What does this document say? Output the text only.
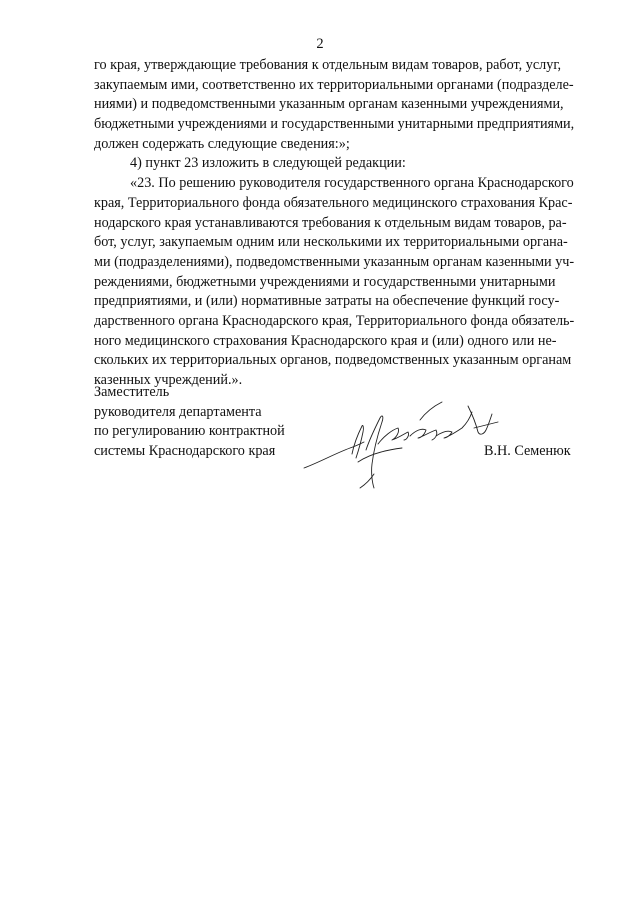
2
го края, утверждающие требования к отдельным видам товаров, работ, услуг,
закупаемым ими, соответственно их территориальными органами (подразделе-
ниями) и подведомственными указанным органам казенными учреждениями,
бюджетными учреждениями и государственными унитарными предприятиями,
должен содержать следующие сведения:»;
4) пункт 23 изложить в следующей редакции:
«23. По решению руководителя государственного органа Краснодарского
края, Территориального фонда обязательного медицинского страхования Крас-
нодарского края устанавливаются требования к отдельным видам товаров, ра-
бот, услуг, закупаемым одним или несколькими их территориальными органа-
ми (подразделениями), подведомственными указанным органам казенными уч-
реждениями, бюджетными учреждениями и государственными унитарными
предприятиями, и (или) нормативные затраты на обеспечение функций госу-
дарственного органа Краснодарского края, Территориального фонда обязатель-
ного медицинского страхования Краснодарского края и (или) одного или не-
скольких их территориальных органов, подведомственных указанным органам
казенных учреждений.».
Заместитель
руководителя департамента
по регулированию контрактной
системы Краснодарского края	В.Н. Семенюк
